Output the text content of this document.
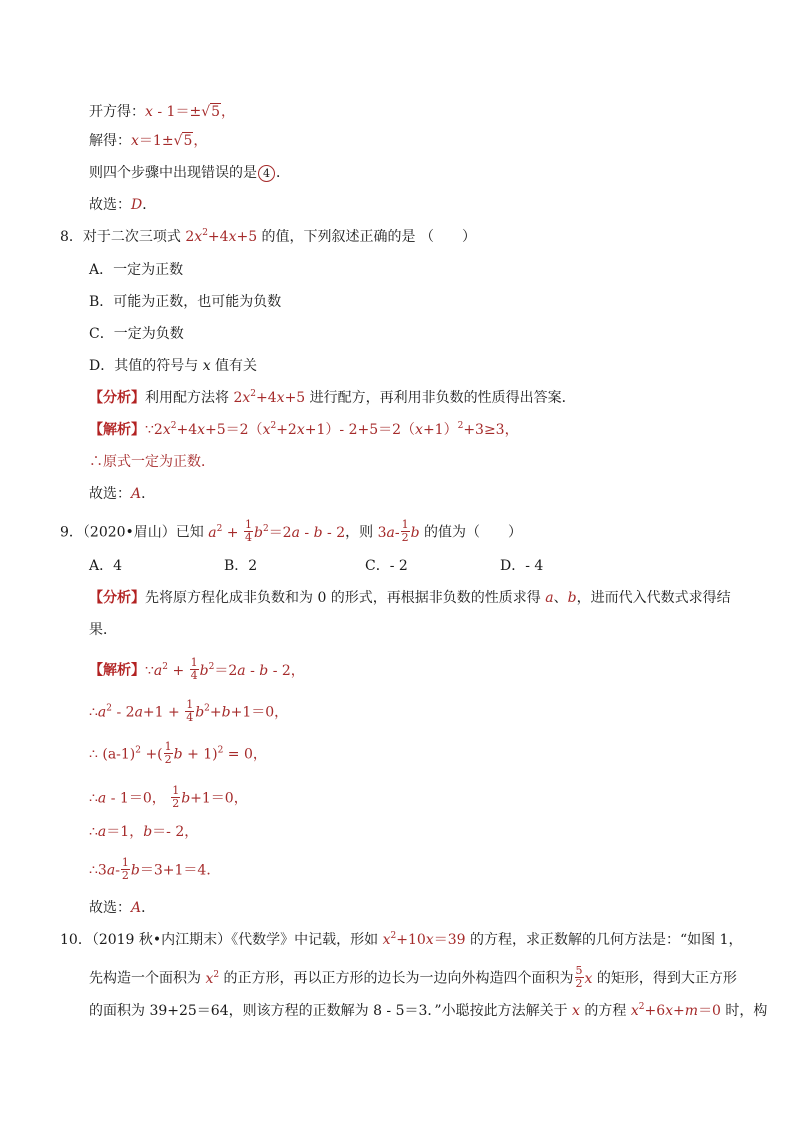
开方得：x - 1＝±√5，
解得：x＝1±√5，
则四个步骤中出现错误的是 4 ．
故选：D．
8．对于二次三项式 $2x^2+4x+5$ 的值，下列叙述正确的是 （　　）
A．一定为正数
B．可能为正数，也可能为负数
C．一定为负数
D．其值的符号与 x 值有关
【分析】利用配方法将 $2x^2+4x+5$ 进行配方，再利用非负数的性质得出答案．
【解析】$\because 2x^2+4x+5=2(x^2+2x+1)-$ $2+5=2(x+1)^2+3\ge 3$，
∴原式一定为正数．
故选：A．
9．（2020•眉山）已知 $a^2 + \frac{1}{4} b^2=2a - b - 2$，则 $3a- \frac{1}{2}$ b 的值为（　　）
A．4	B．2	C．- 2	D．- 4
【分析】先将原方程化成非负数和为 0 的形式，再根据非负数的性质求得 a、b，进而代入代数式求得结
果．
【解析】$\because a^2 + \frac{1}{4} b^2=2a - b - 2$，
$\therefore a^2 - 2a+1 + \frac{1}{4} b^2+b+1=0$，
∴ $(a-1)^2$ +( $\frac{1}{2}$ b + 1)$^2$ = 0，
∴a - 1＝0， $\frac{1}{2} b+1=0$，
∴a＝1，b＝- 2，
∴3a- $\frac{1}{2} b=3+1=4$．
故选：A．
10．（2019 秋•内江期末）《代数学》中记载，形如 $x^2+10x=39$ 的方程，求正数解的几何方法是：“如图 1，
先构造一个面积为 $x^2$ 的正方形，再以正方形的边长为一边向外构造四个面积为 $\frac{5}{2}$ x 的矩形，得到大正方形
的面积为 39+25＝64，则该方程的正数解为 8 - 5＝3．”小聪按此方法解关于 x 的方程 $x^2+6x+m=0$ 时，构
